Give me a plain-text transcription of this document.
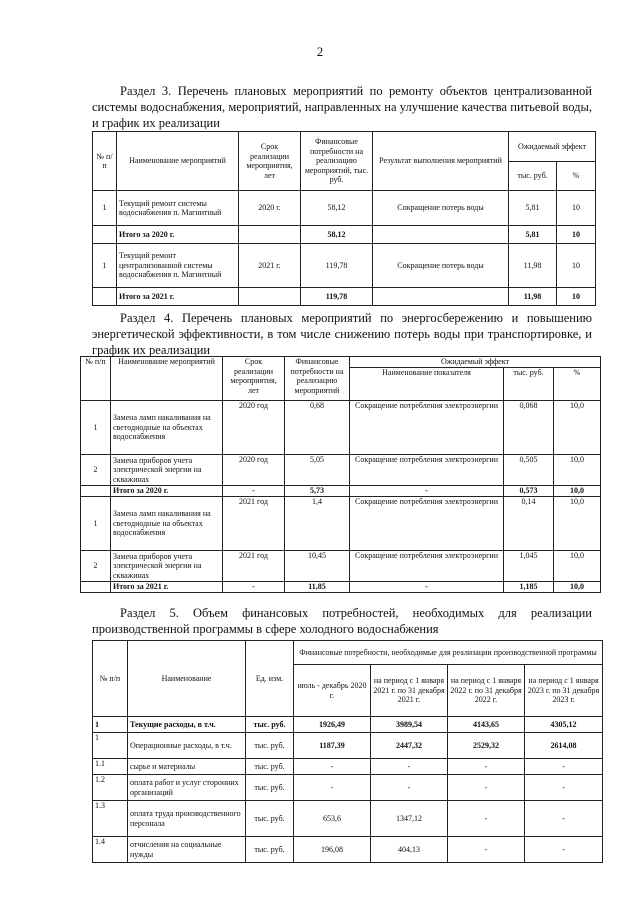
2
Раздел 3. Перечень плановых мероприятий по ремонту объектов централизованной системы водоснабжения, мероприятий, направленных на улучшение качества питьевой воды, и график их реализации
№ п/п	Наименование мероприятий	Срок реализации мероприятия, лет	Финансовые потребности на реализацию мероприятий, тыс. руб.	Результат выполнения мероприятий	Ожидаемый эффект	
					тыс. руб.	%
1	Текущий ремонт системы водоснабжения п. Магнитный	2020 г.	58,12	Сокращение потерь воды	5,81	10
	Итого за 2020 г.		58,12		5,81	10
1	Текущий ремонт централизованной системы водоснабжения п. Магнитный	2021 г.	119,78	Сокращение потерь воды	11,98	10
	Итого за 2021 г.		119,78		11,98	10
Раздел 4. Перечень плановых мероприятий по энергосбережению и повышению энергетической эффективности, в том числе снижению потерь воды при транспортировке, и график их реализации
№ п/п	Наименование мероприятий	Срок реализации мероприятия, лет	Финансовые потребности на реализацию мероприятий	Ожидаемый эффект		
				Наименование показателя	тыс. руб.	%
1	Замена ламп накаливания на светодиодные на объектах водоснабжения	2020 год	0,68	Сокращение потребления электроэнергии	0,068	10,0
2	Замена приборов учета электрической энергии на скважинах	2020 год	5,05	Сокращение потребления электроэнергии	0,505	10,0
	Итого за 2020 г.	-	5,73	-	0,573	10,0
1	Замена ламп накаливания на светодиодные на объектах водоснабжения	2021 год	1,4	Сокращение потребления электроэнергии	0,14	10,0
2	Замена приборов учета электрической энергии на скважинах	2021 год	10,45	Сокращение потребления электроэнергии	1,045	10,0
	Итого за 2021 г.	-	11,85	-	1,185	10,0
Раздел 5. Объем финансовых потребностей, необходимых для реализации производственной программы в сфере холодного водоснабжения
№ п/п	Наименование	Ед. изм.	Финансовые потребности, необходимые для реализации производственной программы			
			июль - декабрь 2020 г.	на период с 1 января 2021 г. по 31 декабря 2021 г.	на период с 1 января 2022 г. по 31 декабря 2022 г.	на период с 1 января 2023 г. по 31 декабря 2023 г.
1	Текущие расходы, в т.ч.	тыс. руб.	1926,49	3989,54	4143,65	4305,12
1	Операционные расходы, в т.ч.	тыс. руб.	1187,39	2447,32	2529,32	2614,08
1.1	сырье и материалы	тыс. руб.	-	-	-	-
1.2	оплата работ и услуг сторонних организаций	тыс. руб.	-	-	-	-
1.3	оплата труда производственного персонала	тыс. руб.	653,6	1347,12	-	-
1.4	отчисления на социальные нужды	тыс. руб.	196,08	404,13	-	-
